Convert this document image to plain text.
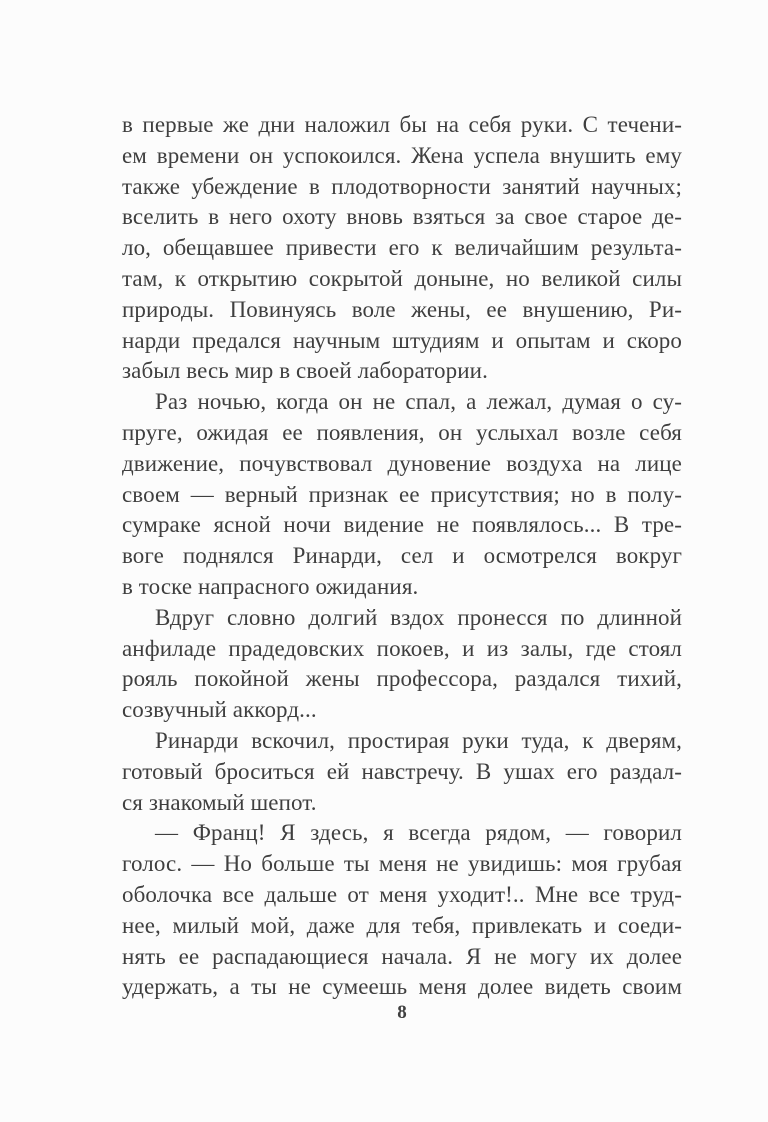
в первые же дни наложил бы на себя руки. С течени-
ем времени он успокоился. Жена успела внушить ему
также убеждение в плодотворности занятий научных;
вселить в него охоту вновь взяться за свое старое де-
ло, обещавшее привести его к величайшим результа-
там, к открытию сокрытой доныне, но великой силы
природы. Повинуясь воле жены, ее внушению, Ри-
нарди предался научным штудиям и опытам и скоро
забыл весь мир в своей лаборатории.
Раз ночью, когда он не спал, а лежал, думая о су-
пруге, ожидая ее появления, он услыхал возле себя
движение, почувствовал дуновение воздуха на лице
своем — верный признак ее присутствия; но в полу-
сумраке ясной ночи видение не появлялось... В тре-
воге поднялся Ринарди, сел и осмотрелся вокруг
в тоске напрасного ожидания.
Вдруг словно долгий вздох пронесся по длинной
анфиладе прадедовских покоев, и из залы, где стоял
рояль покойной жены профессора, раздался тихий,
созвучный аккорд...
Ринарди вскочил, простирая руки туда, к дверям,
готовый броситься ей навстречу. В ушах его раздал-
ся знакомый шепот.
— Франц! Я здесь, я всегда рядом, — говорил
голос. — Но больше ты меня не увидишь: моя грубая
оболочка все дальше от меня уходит!.. Мне все труд-
нее, милый мой, даже для тебя, привлекать и соеди-
нять ее распадающиеся начала. Я не могу их долее
удержать, а ты не сумеешь меня долее видеть своим
8
